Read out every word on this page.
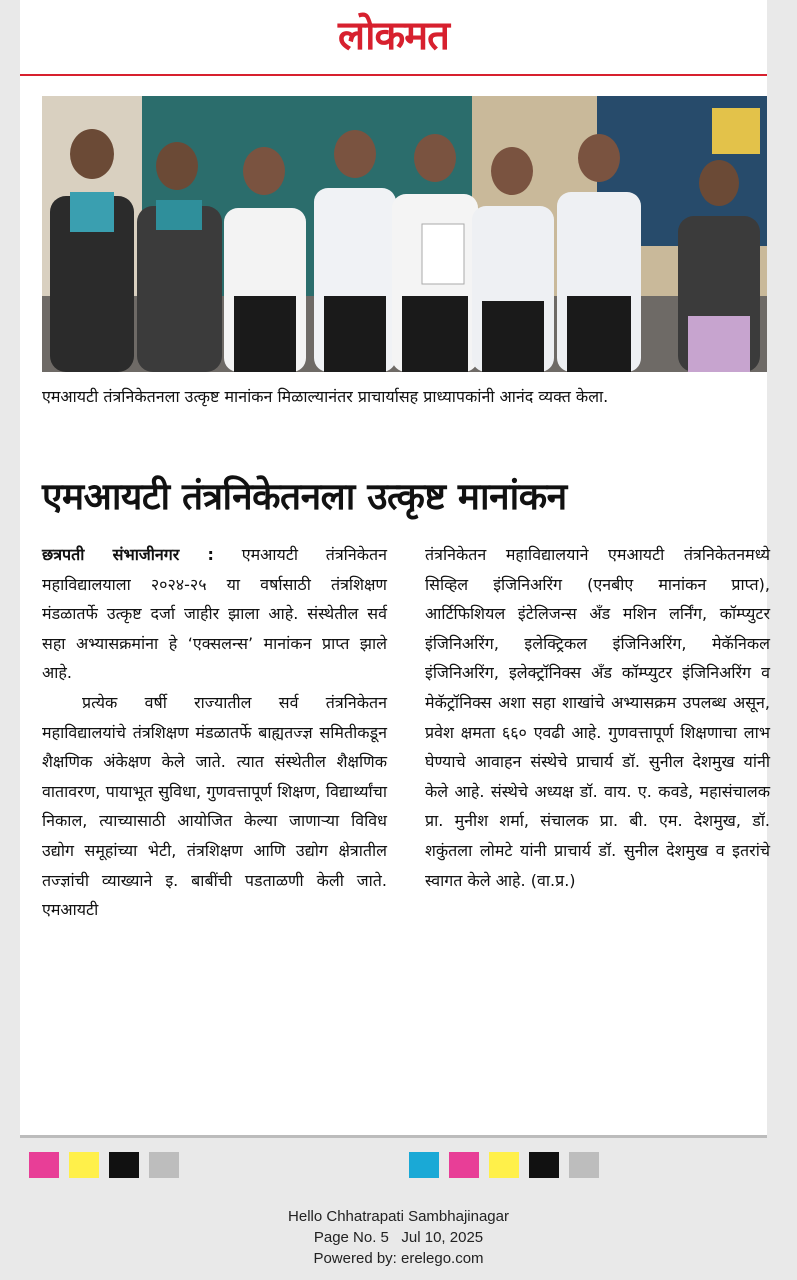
लोकमत
एमआयटी तंत्रनिकेतनला उत्कृष्ट मानांकन मिळाल्यानंतर प्राचार्यासह प्राध्यापकांनी आनंद व्यक्त केला.
एमआयटी तंत्रनिकेतनला उत्कृष्ट मानांकन

छत्रपती संभाजीनगर : एमआयटी तंत्रनिकेतन महाविद्यालयाला २०२४-२५ या वर्षासाठी तंत्रशिक्षण मंडळातर्फे उत्कृष्ट दर्जा जाहीर झाला आहे. संस्थेतील सर्व सहा अभ्यासक्रमांना हे ‘एक्सलन्स’ मानांकन प्राप्त झाले आहे.

प्रत्येक वर्षी राज्यातील सर्व तंत्रनिकेतन महाविद्यालयांचे तंत्रशिक्षण मंडळातर्फे बाह्यतज्ज्ञ समितीकडून शैक्षणिक अंकेक्षण केले जाते. त्यात संस्थेतील शैक्षणिक वातावरण, पायाभूत सुविधा, गुणवत्तापूर्ण शिक्षण, विद्यार्थ्यांचा निकाल, त्याच्यासाठी आयोजित केल्या जाणाऱ्या विविध उद्योग समूहांच्या भेटी, तंत्रशिक्षण आणि उद्योग क्षेत्रातील तज्ज्ञांची व्याख्याने इ. बाबींची पडताळणी केली जाते. एमआयटी

तंत्रनिकेतन महाविद्यालयाने एमआयटी तंत्रनिकेतनमध्ये सिव्हिल इंजिनिअरिंग (एनबीए मानांकन प्राप्त), आर्टिफिशियल इंटेलिजन्स अँड मशिन लर्निंग, कॉम्प्युटर इंजिनिअरिंग, इलेक्ट्रिकल इंजिनिअरिंग, मेकॅनिकल इंजिनिअरिंग, इलेक्ट्रॉनिक्स अँड कॉम्प्युटर इंजिनिअरिंग व मेकॅट्रॉनिक्स अशा सहा शाखांचे अभ्यासक्रम उपलब्ध असून, प्रवेश क्षमता ६६० एवढी आहे. गुणवत्तापूर्ण शिक्षणाचा लाभ घेण्याचे आवाहन संस्थेचे प्राचार्य डॉ. सुनील देशमुख यांनी केले आहे. संस्थेचे अध्यक्ष डॉ. वाय. ए. कवडे, महासंचालक प्रा. मुनीश शर्मा, संचालक प्रा. बी. एम. देशमुख, डॉ. शकुंतला लोमटे यांनी प्राचार्य डॉ. सुनील देशमुख व इतरांचे स्वागत केले आहे. (वा.प्र.)

Hello Chhatrapati Sambhajinagar
Page No. 5   Jul 10, 2025
Powered by: erelego.com
